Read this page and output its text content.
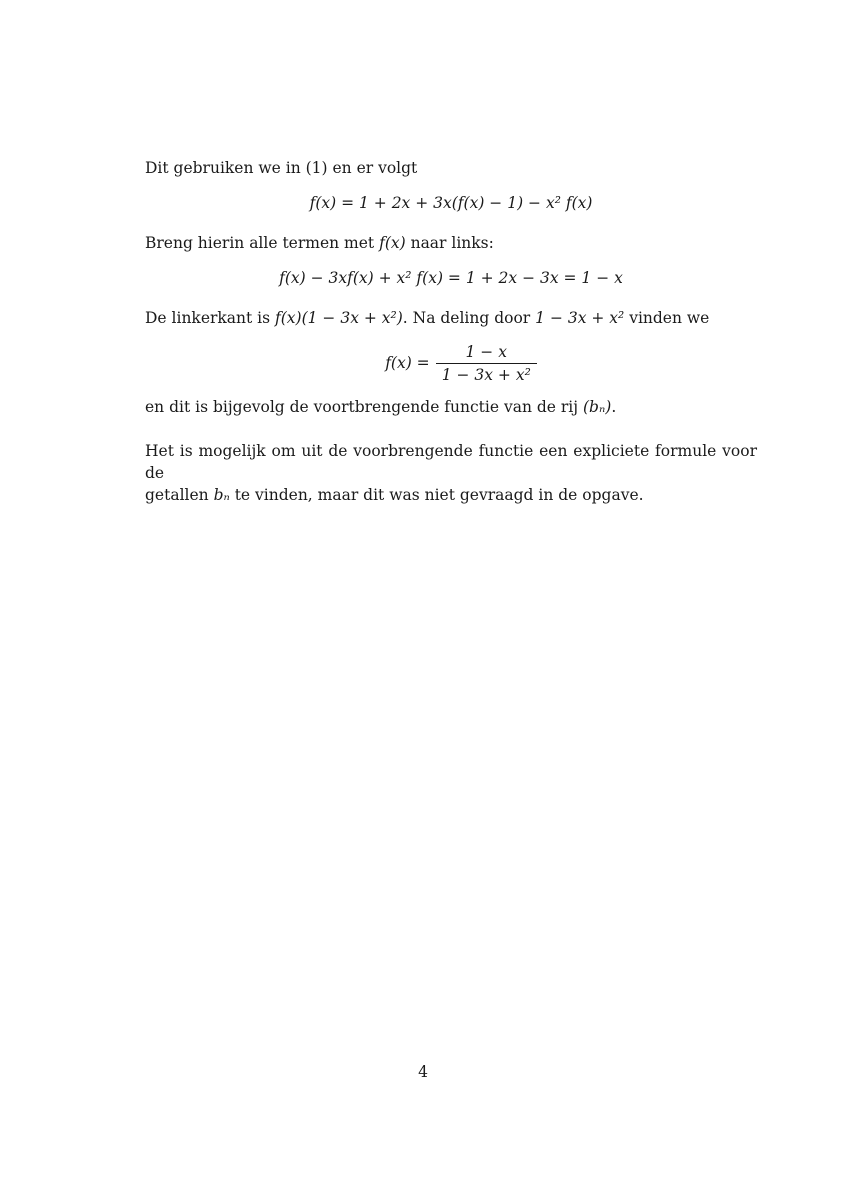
Dit gebruiken we in (1) en er volgt

f(x) = 1 + 2x + 3x(f(x) − 1) − x² f(x)

Breng hierin alle termen met f(x) naar links:

f(x) − 3xf(x) + x² f(x) = 1 + 2x − 3x = 1 − x

De linkerkant is f(x)(1 − 3x + x²). Na deling door 1 − 3x + x² vinden we

$f(x) = \frac{1 - x}{\text{1 − 3x + x²}}$

en dit is bijgevolg de voortbrengende functie van de rij (bₙ).

Het is mogelijk om uit de voorbrengende functie een expliciete formule voor de
getallen bₙ te vinden, maar dit was niet gevraagd in de opgave.

4
